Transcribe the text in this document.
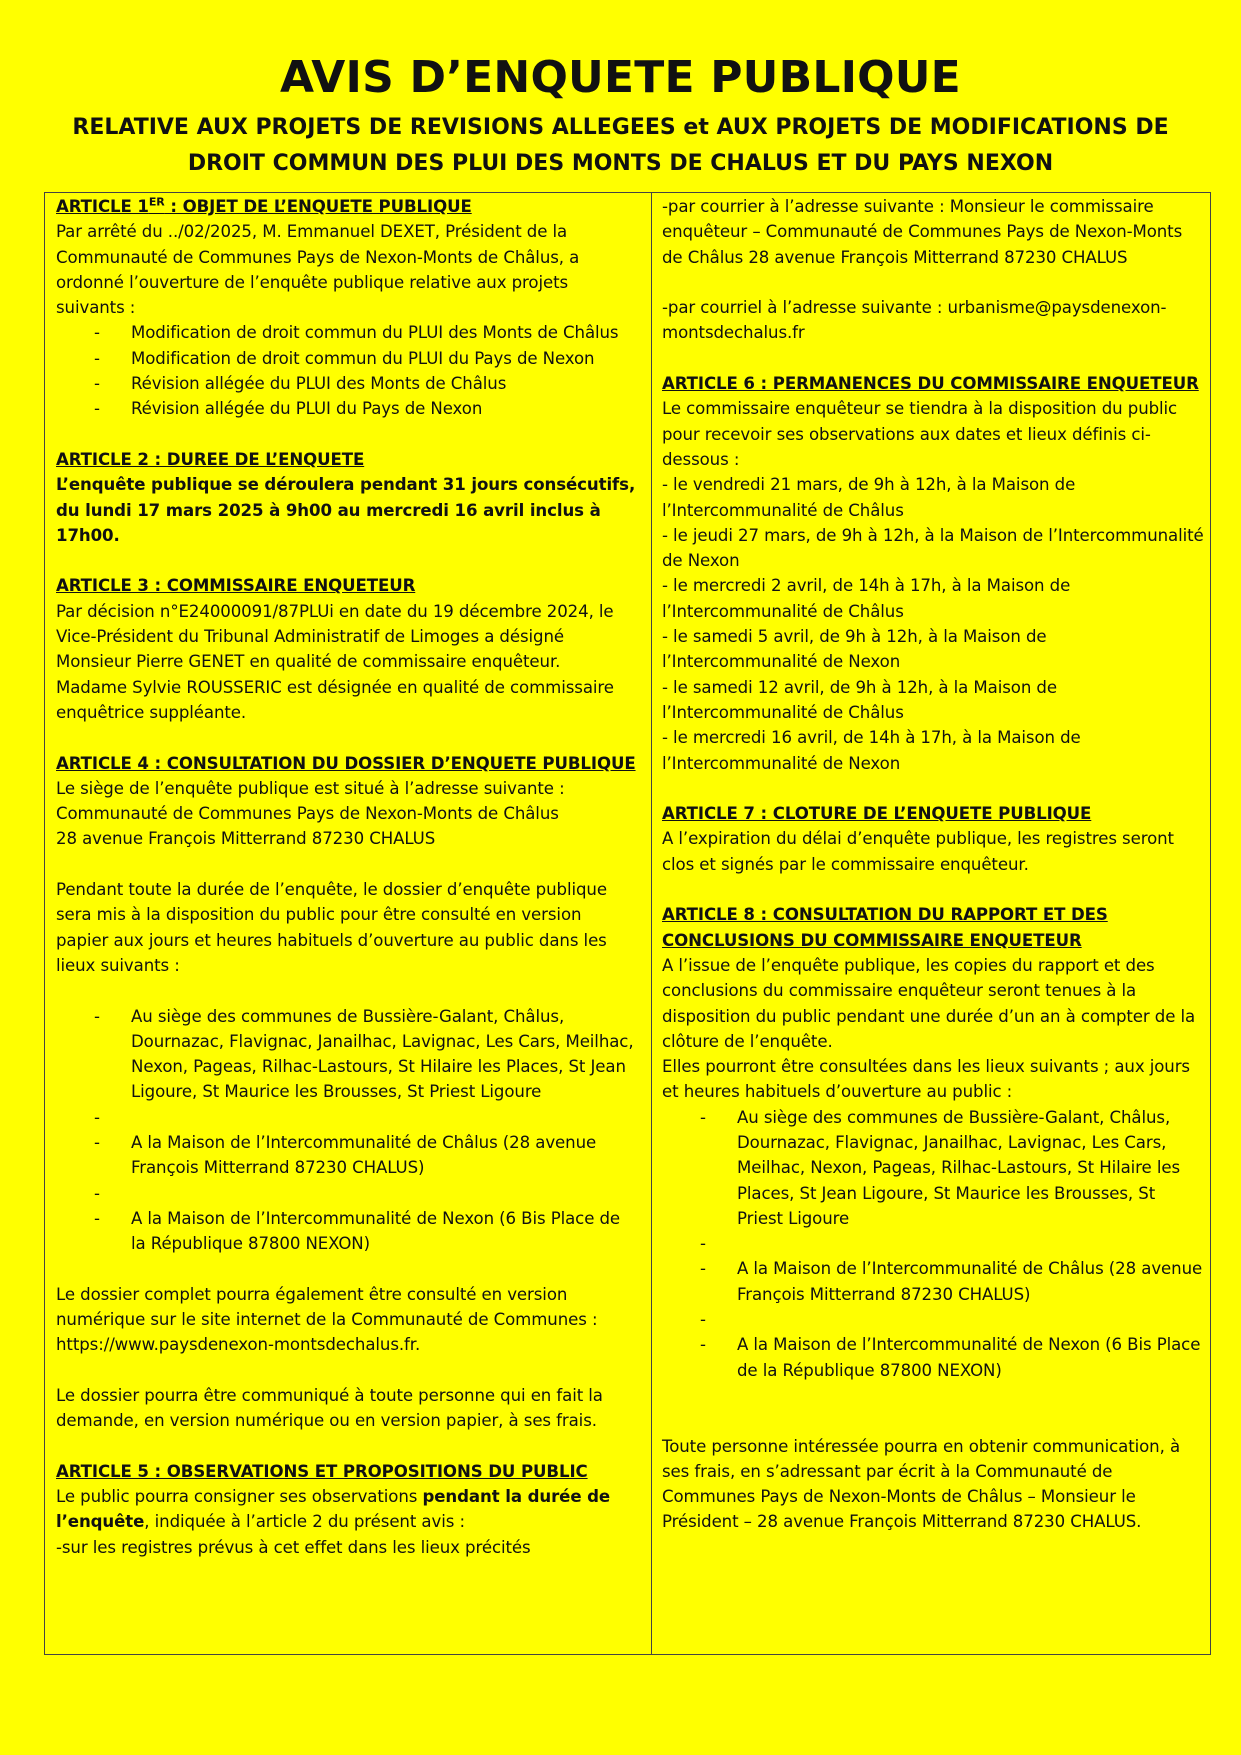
AVIS D’ENQUETE PUBLIQUE
RELATIVE AUX PROJETS DE REVISIONS ALLEGEES et AUX PROJETS DE MODIFICATIONS DE
DROIT COMMUN DES PLUI DES MONTS DE CHALUS ET DU PAYS NEXON

ARTICLE 1ER : OBJET DE L’ENQUETE PUBLIQUE

Par arrêté du ../02/2025, M. Emmanuel DEXET, Président de la Communauté de Communes Pays de Nexon-Monts de Châlus, a ordonné l’ouverture de l’enquête publique relative aux projets suivants :

- Modification de droit commun du PLUI des Monts de Châlus
- Modification de droit commun du PLUI du Pays de Nexon
- Révision allégée du PLUI des Monts de Châlus
- Révision allégée du PLUI du Pays de Nexon

ARTICLE 2 : DUREE DE L’ENQUETE

L’enquête publique se déroulera pendant 31 jours consécutifs, du lundi 17 mars 2025 à 9h00 au mercredi 16 avril inclus à 17h00.

ARTICLE 3 : COMMISSAIRE ENQUETEUR

Par décision n°E24000091/87PLUi en date du 19 décembre 2024, le Vice-Président du Tribunal Administratif de Limoges a désigné Monsieur Pierre GENET en qualité de commissaire enquêteur. Madame Sylvie ROUSSERIC est désignée en qualité de commissaire enquêtrice suppléante.

ARTICLE 4 : CONSULTATION DU DOSSIER D’ENQUETE PUBLIQUE

Le siège de l’enquête publique est situé à l’adresse suivante :

Communauté de Communes Pays de Nexon-Monts de Châlus

28 avenue François Mitterrand 87230 CHALUS

Pendant toute la durée de l’enquête, le dossier d’enquête publique sera mis à la disposition du public pour être consulté en version papier aux jours et heures habituels d’ouverture au public dans les lieux suivants :

- Au siège des communes de Bussière-Galant, Châlus, Dournazac, Flavignac, Janailhac, Lavignac, Les Cars, Meilhac, Nexon, Pageas, Rilhac-Lastours, St Hilaire les Places, St Jean Ligoure, St Maurice les Brousses, St Priest Ligoure
-
- A la Maison de l’Intercommunalité de Châlus (28 avenue François Mitterrand 87230 CHALUS)
-
- A la Maison de l’Intercommunalité de Nexon (6 Bis Place de la République 87800 NEXON)

Le dossier complet pourra également être consulté en version numérique sur le site internet de la Communauté de Communes : https://www.paysdenexon-montsdechalus.fr.

Le dossier pourra être communiqué à toute personne qui en fait la demande, en version numérique ou en version papier, à ses frais.

ARTICLE 5 : OBSERVATIONS ET PROPOSITIONS DU PUBLIC

Le public pourra consigner ses observations pendant la durée de l’enquête, indiquée à l’article 2 du présent avis :

-sur les registres prévus à cet effet dans les lieux précités

-par courrier à l’adresse suivante : Monsieur le commissaire enquêteur – Communauté de Communes Pays de Nexon-Monts de Châlus 28 avenue François Mitterrand 87230 CHALUS

-par courriel à l’adresse suivante : urbanisme@paysdenexon-montsdechalus.fr

ARTICLE 6 : PERMANENCES DU COMMISSAIRE ENQUETEUR

Le commissaire enquêteur se tiendra à la disposition du public pour recevoir ses observations aux dates et lieux définis ci-dessous :

- le vendredi 21 mars, de 9h à 12h, à la Maison de l’Intercommunalité de Châlus

- le jeudi 27 mars, de 9h à 12h, à la Maison de l’Intercommunalité de Nexon

- le mercredi 2 avril, de 14h à 17h, à la Maison de l’Intercommunalité de Châlus

- le samedi 5 avril, de 9h à 12h, à la Maison de l’Intercommunalité de Nexon

- le samedi 12 avril, de 9h à 12h, à la Maison de l’Intercommunalité de Châlus

- le mercredi 16 avril, de 14h à 17h, à la Maison de l’Intercommunalité de Nexon

ARTICLE 7 : CLOTURE DE L’ENQUETE PUBLIQUE

A l’expiration du délai d’enquête publique, les registres seront clos et signés par le commissaire enquêteur.

ARTICLE 8 : CONSULTATION DU RAPPORT ET DES CONCLUSIONS DU COMMISSAIRE ENQUETEUR

A l’issue de l’enquête publique, les copies du rapport et des conclusions du commissaire enquêteur seront tenues à la disposition du public pendant une durée d’un an à compter de la clôture de l’enquête.

Elles pourront être consultées dans les lieux suivants ; aux jours et heures habituels d’ouverture au public :

- Au siège des communes de Bussière-Galant, Châlus, Dournazac, Flavignac, Janailhac, Lavignac, Les Cars, Meilhac, Nexon, Pageas, Rilhac-Lastours, St Hilaire les Places, St Jean Ligoure, St Maurice les Brousses, St Priest Ligoure
-
- A la Maison de l’Intercommunalité de Châlus (28 avenue François Mitterrand 87230 CHALUS)
-
- A la Maison de l’Intercommunalité de Nexon (6 Bis Place de la République 87800 NEXON)

Toute personne intéressée pourra en obtenir communication, à ses frais, en s’adressant par écrit à la Communauté de Communes Pays de Nexon-Monts de Châlus – Monsieur le Président – 28 avenue François Mitterrand 87230 CHALUS.
